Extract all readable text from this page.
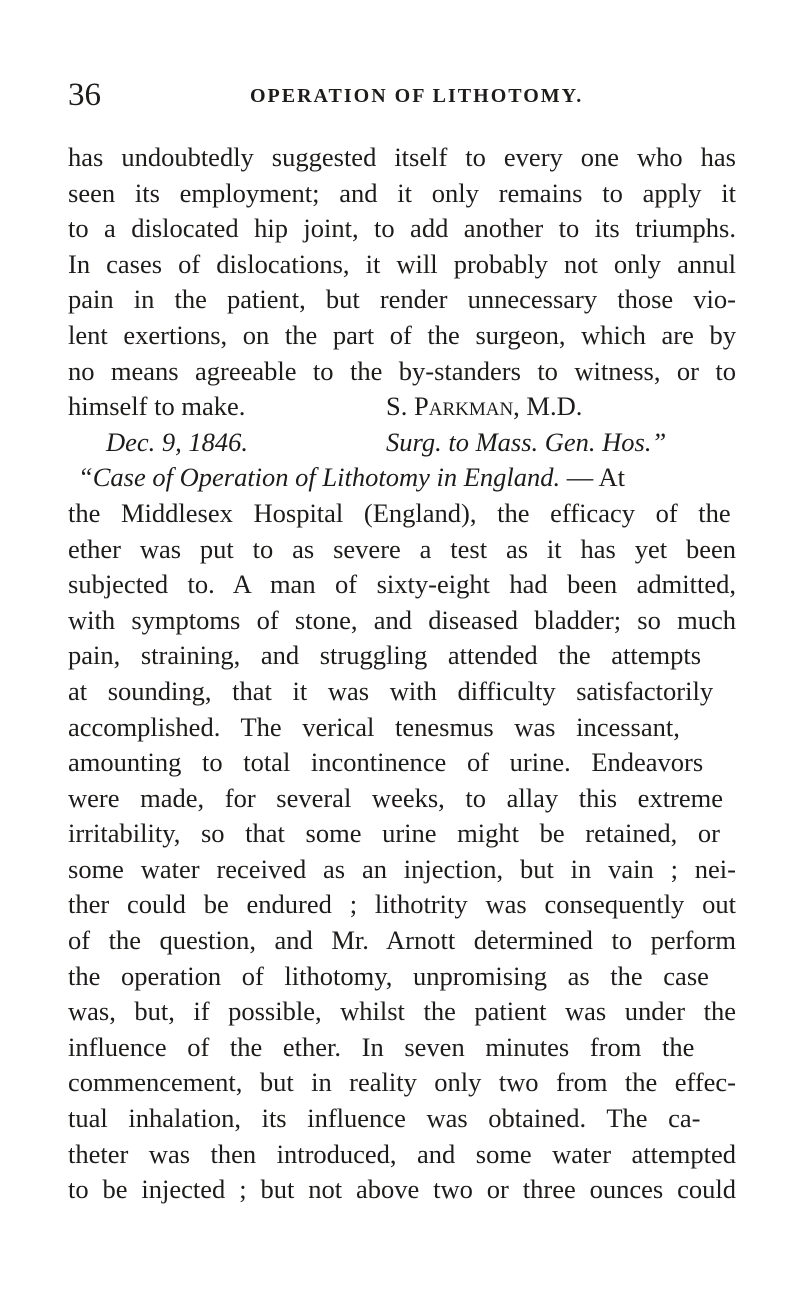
36	OPERATION OF LITHOTOMY.
has undoubtedly suggested itself to every one who has
seen its employment; and it only remains to apply it
to a dislocated hip joint, to add another to its triumphs.
In cases of dislocations, it will probably not only annul
pain in the patient, but render unnecessary those vio-
lent exertions, on the part of the surgeon, which are by
no means agreeable to the by-standers to witness, or to
himself to make.	S. Parkman, M.D.
Dec. 9, 1846.	Surg. to Mass. Gen. Hos.”
“Case of Operation of Lithotomy in England. — At
the Middlesex Hospital (England), the efficacy of the
ether was put to as severe a test as it has yet been
subjected to. A man of sixty-eight had been admitted,
with symptoms of stone, and diseased bladder; so much
pain, straining, and struggling attended the attempts
at sounding, that it was with difficulty satisfactorily
accomplished. The verical tenesmus was incessant,
amounting to total incontinence of urine. Endeavors
were made, for several weeks, to allay this extreme
irritability, so that some urine might be retained, or
some water received as an injection, but in vain ; nei-
ther could be endured ; lithotrity was consequently out
of the question, and Mr. Arnott determined to perform
the operation of lithotomy, unpromising as the case
was, but, if possible, whilst the patient was under the
influence of the ether. In seven minutes from the
commencement, but in reality only two from the effec-
tual inhalation, its influence was obtained. The ca-
theter was then introduced, and some water attempted
to be injected ; but not above two or three ounces could
